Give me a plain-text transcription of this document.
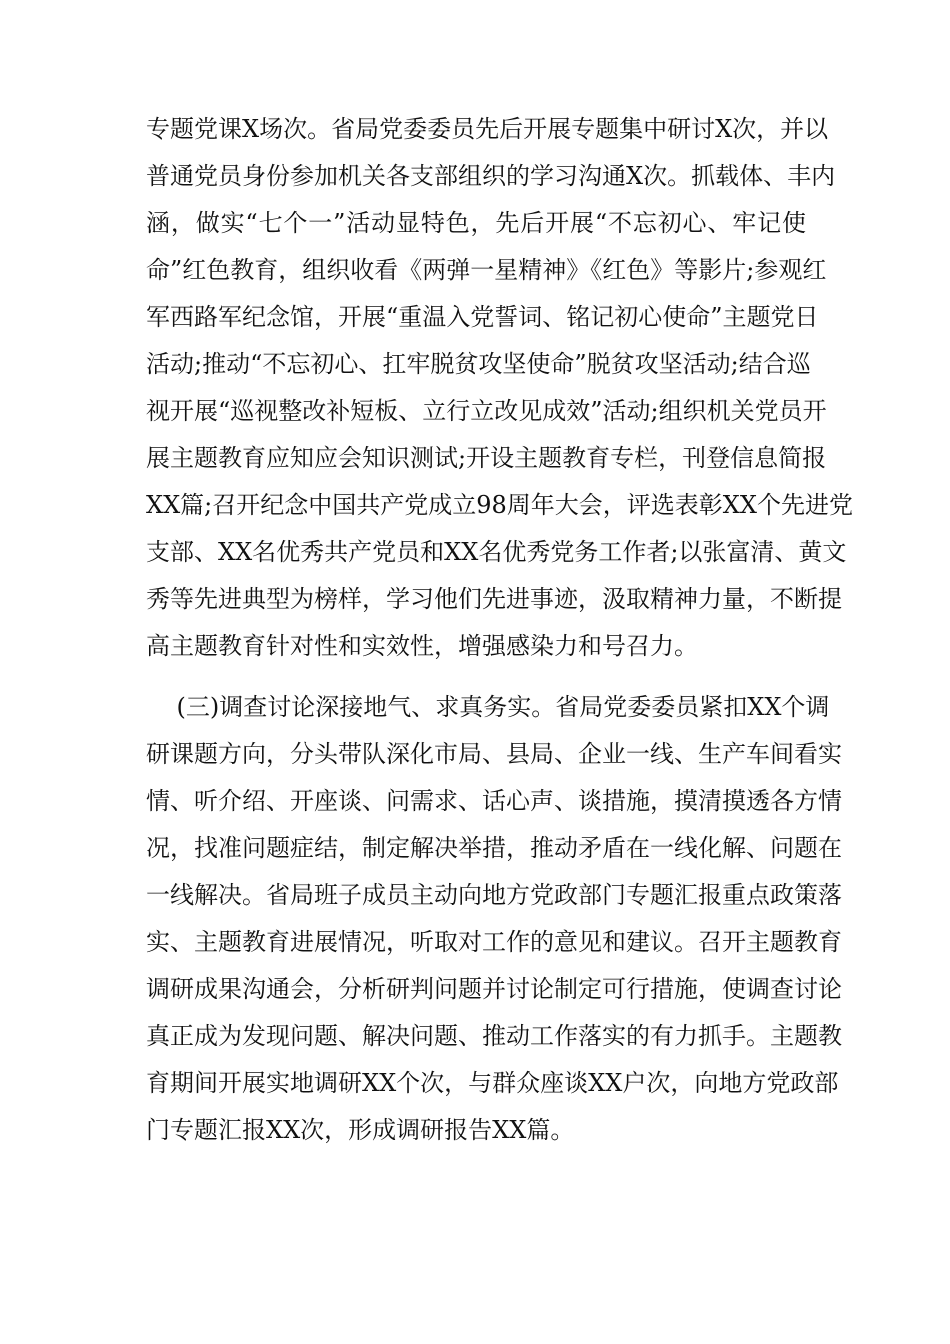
专题党课X场次。省局党委委员先后开展专题集中研讨X次，并以
普通党员身份参加机关各支部组织的学习沟通X次。抓载体、丰内
涵，做实“七个一”活动显特色，先后开展“不忘初心、牢记使
命”红色教育，组织收看《两弹一星精神》《红色》等影片;参观红
军西路军纪念馆，开展“重温入党誓词、铭记初心使命”主题党日
活动;推动“不忘初心、扛牢脱贫攻坚使命”脱贫攻坚活动;结合巡
视开展“巡视整改补短板、立行立改见成效”活动;组织机关党员开
展主题教育应知应会知识测试;开设主题教育专栏，刊登信息简报
XX篇;召开纪念中国共产党成立98周年大会，评选表彰XX个先进党
支部、XX名优秀共产党员和XX名优秀党务工作者;以张富清、黄文
秀等先进典型为榜样，学习他们先进事迹，汲取精神力量，不断提
高主题教育针对性和实效性，增强感染力和号召力。
(三)调查讨论深接地气、求真务实。省局党委委员紧扣XX个调
研课题方向，分头带队深化市局、县局、企业一线、生产车间看实
情、听介绍、开座谈、问需求、话心声、谈措施，摸清摸透各方情
况，找准问题症结，制定解决举措，推动矛盾在一线化解、问题在
一线解决。省局班子成员主动向地方党政部门专题汇报重点政策落
实、主题教育进展情况，听取对工作的意见和建议。召开主题教育
调研成果沟通会，分析研判问题并讨论制定可行措施，使调查讨论
真正成为发现问题、解决问题、推动工作落实的有力抓手。主题教
育期间开展实地调研XX个次，与群众座谈XX户次，向地方党政部
门专题汇报XX次，形成调研报告XX篇。
